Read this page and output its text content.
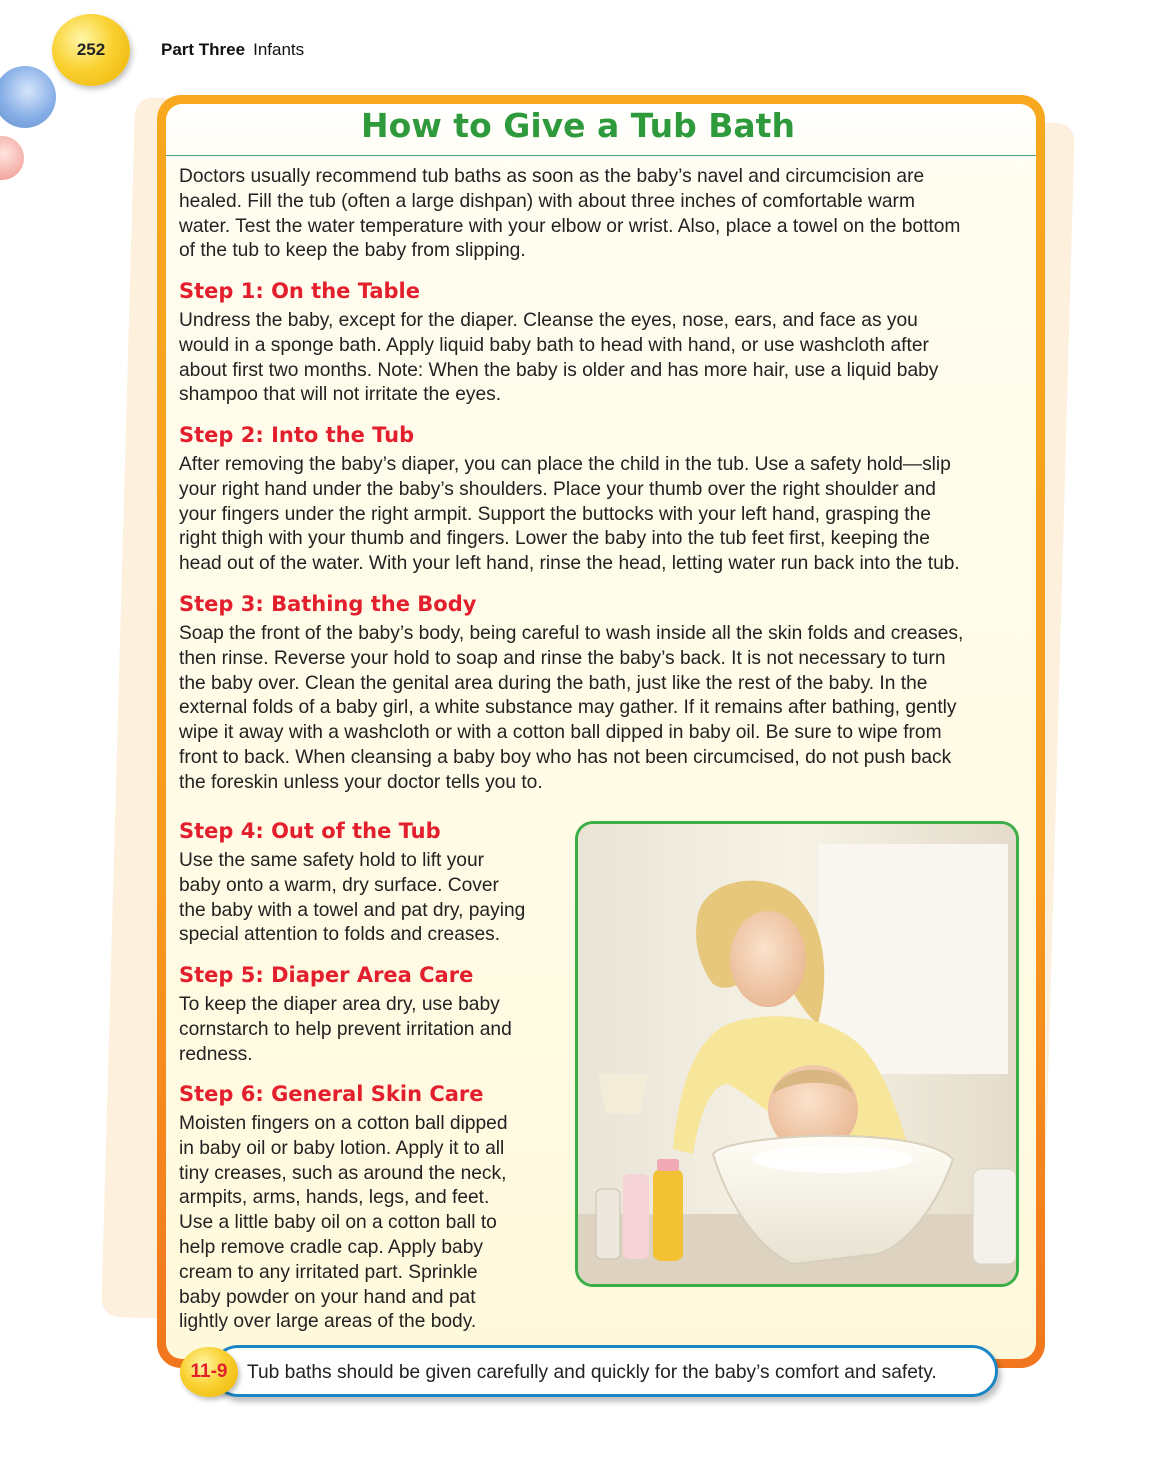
252	Part Three Infants
How to Give a Tub Bath
Doctors usually recommend tub baths as soon as the baby’s navel and circumcision are
healed. Fill the tub (often a large dishpan) with about three inches of comfortable warm
water. Test the water temperature with your elbow or wrist. Also, place a towel on the bottom
of the tub to keep the baby from slipping.
Step 1: On the Table
Undress the baby, except for the diaper. Cleanse the eyes, nose, ears, and face as you
would in a sponge bath. Apply liquid baby bath to head with hand, or use washcloth after
about first two months. Note: When the baby is older and has more hair, use a liquid baby
shampoo that will not irritate the eyes.
Step 2: Into the Tub
After removing the baby’s diaper, you can place the child in the tub. Use a safety hold—slip
your right hand under the baby’s shoulders. Place your thumb over the right shoulder and
your fingers under the right armpit. Support the buttocks with your left hand, grasping the
right thigh with your thumb and fingers. Lower the baby into the tub feet first, keeping the
head out of the water. With your left hand, rinse the head, letting water run back into the tub.
Step 3: Bathing the Body
Soap the front of the baby’s body, being careful to wash inside all the skin folds and creases,
then rinse. Reverse your hold to soap and rinse the baby’s back. It is not necessary to turn
the baby over. Clean the genital area during the bath, just like the rest of the baby. In the
external folds of a baby girl, a white substance may gather. If it remains after bathing, gently
wipe it away with a washcloth or with a cotton ball dipped in baby oil. Be sure to wipe from
front to back. When cleansing a baby boy who has not been circumcised, do not push back
the foreskin unless your doctor tells you to.
Step 4: Out of the Tub
Use the same safety hold to lift your
baby onto a warm, dry surface. Cover
the baby with a towel and pat dry, paying
special attention to folds and creases.
Step 5: Diaper Area Care
To keep the diaper area dry, use baby
cornstarch to help prevent irritation and
redness.
Step 6: General Skin Care
Moisten fingers on a cotton ball dipped
in baby oil or baby lotion. Apply it to all
tiny creases, such as around the neck,
armpits, arms, hands, legs, and feet.
Use a little baby oil on a cotton ball to
help remove cradle cap. Apply baby
cream to any irritated part. Sprinkle
baby powder on your hand and pat
lightly over large areas of the body.
Tub baths should be given carefully and quickly for the baby’s comfort and safety.
11-9
